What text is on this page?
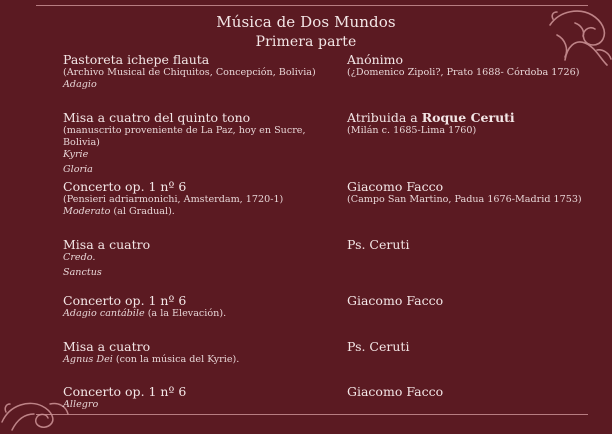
Música de Dos Mundos
Primera parte

Pastoreta ichepe flauta

(Archivo Musical de Chiquitos, Concepción, Bolivia)

Adagio

Anónimo

(¿Domenico Zipoli?, Prato 1688- Córdoba 1726)

Misa a cuatro del quinto tono

(manuscrito proveniente de La Paz, hoy en Sucre, Bolivia)

Kyrie

Gloria

Atribuida a Roque Ceruti

(Milán c. 1685-Lima 1760)

Concerto op. 1 nº 6

(Pensieri adriarmonichi, Amsterdam, 1720-1)

Moderato (al Gradual).

Giacomo Facco

(Campo San Martino, Padua 1676-Madrid 1753)

Misa a cuatro

Credo.

Sanctus

Ps. Ceruti

Concerto op. 1 nº 6

Adagio cantábile (a la Elevación).

Giacomo Facco

Misa a cuatro

Agnus Dei (con la música del Kyrie).

Ps. Ceruti

Concerto op. 1 nº 6

Allegro

Giacomo Facco
